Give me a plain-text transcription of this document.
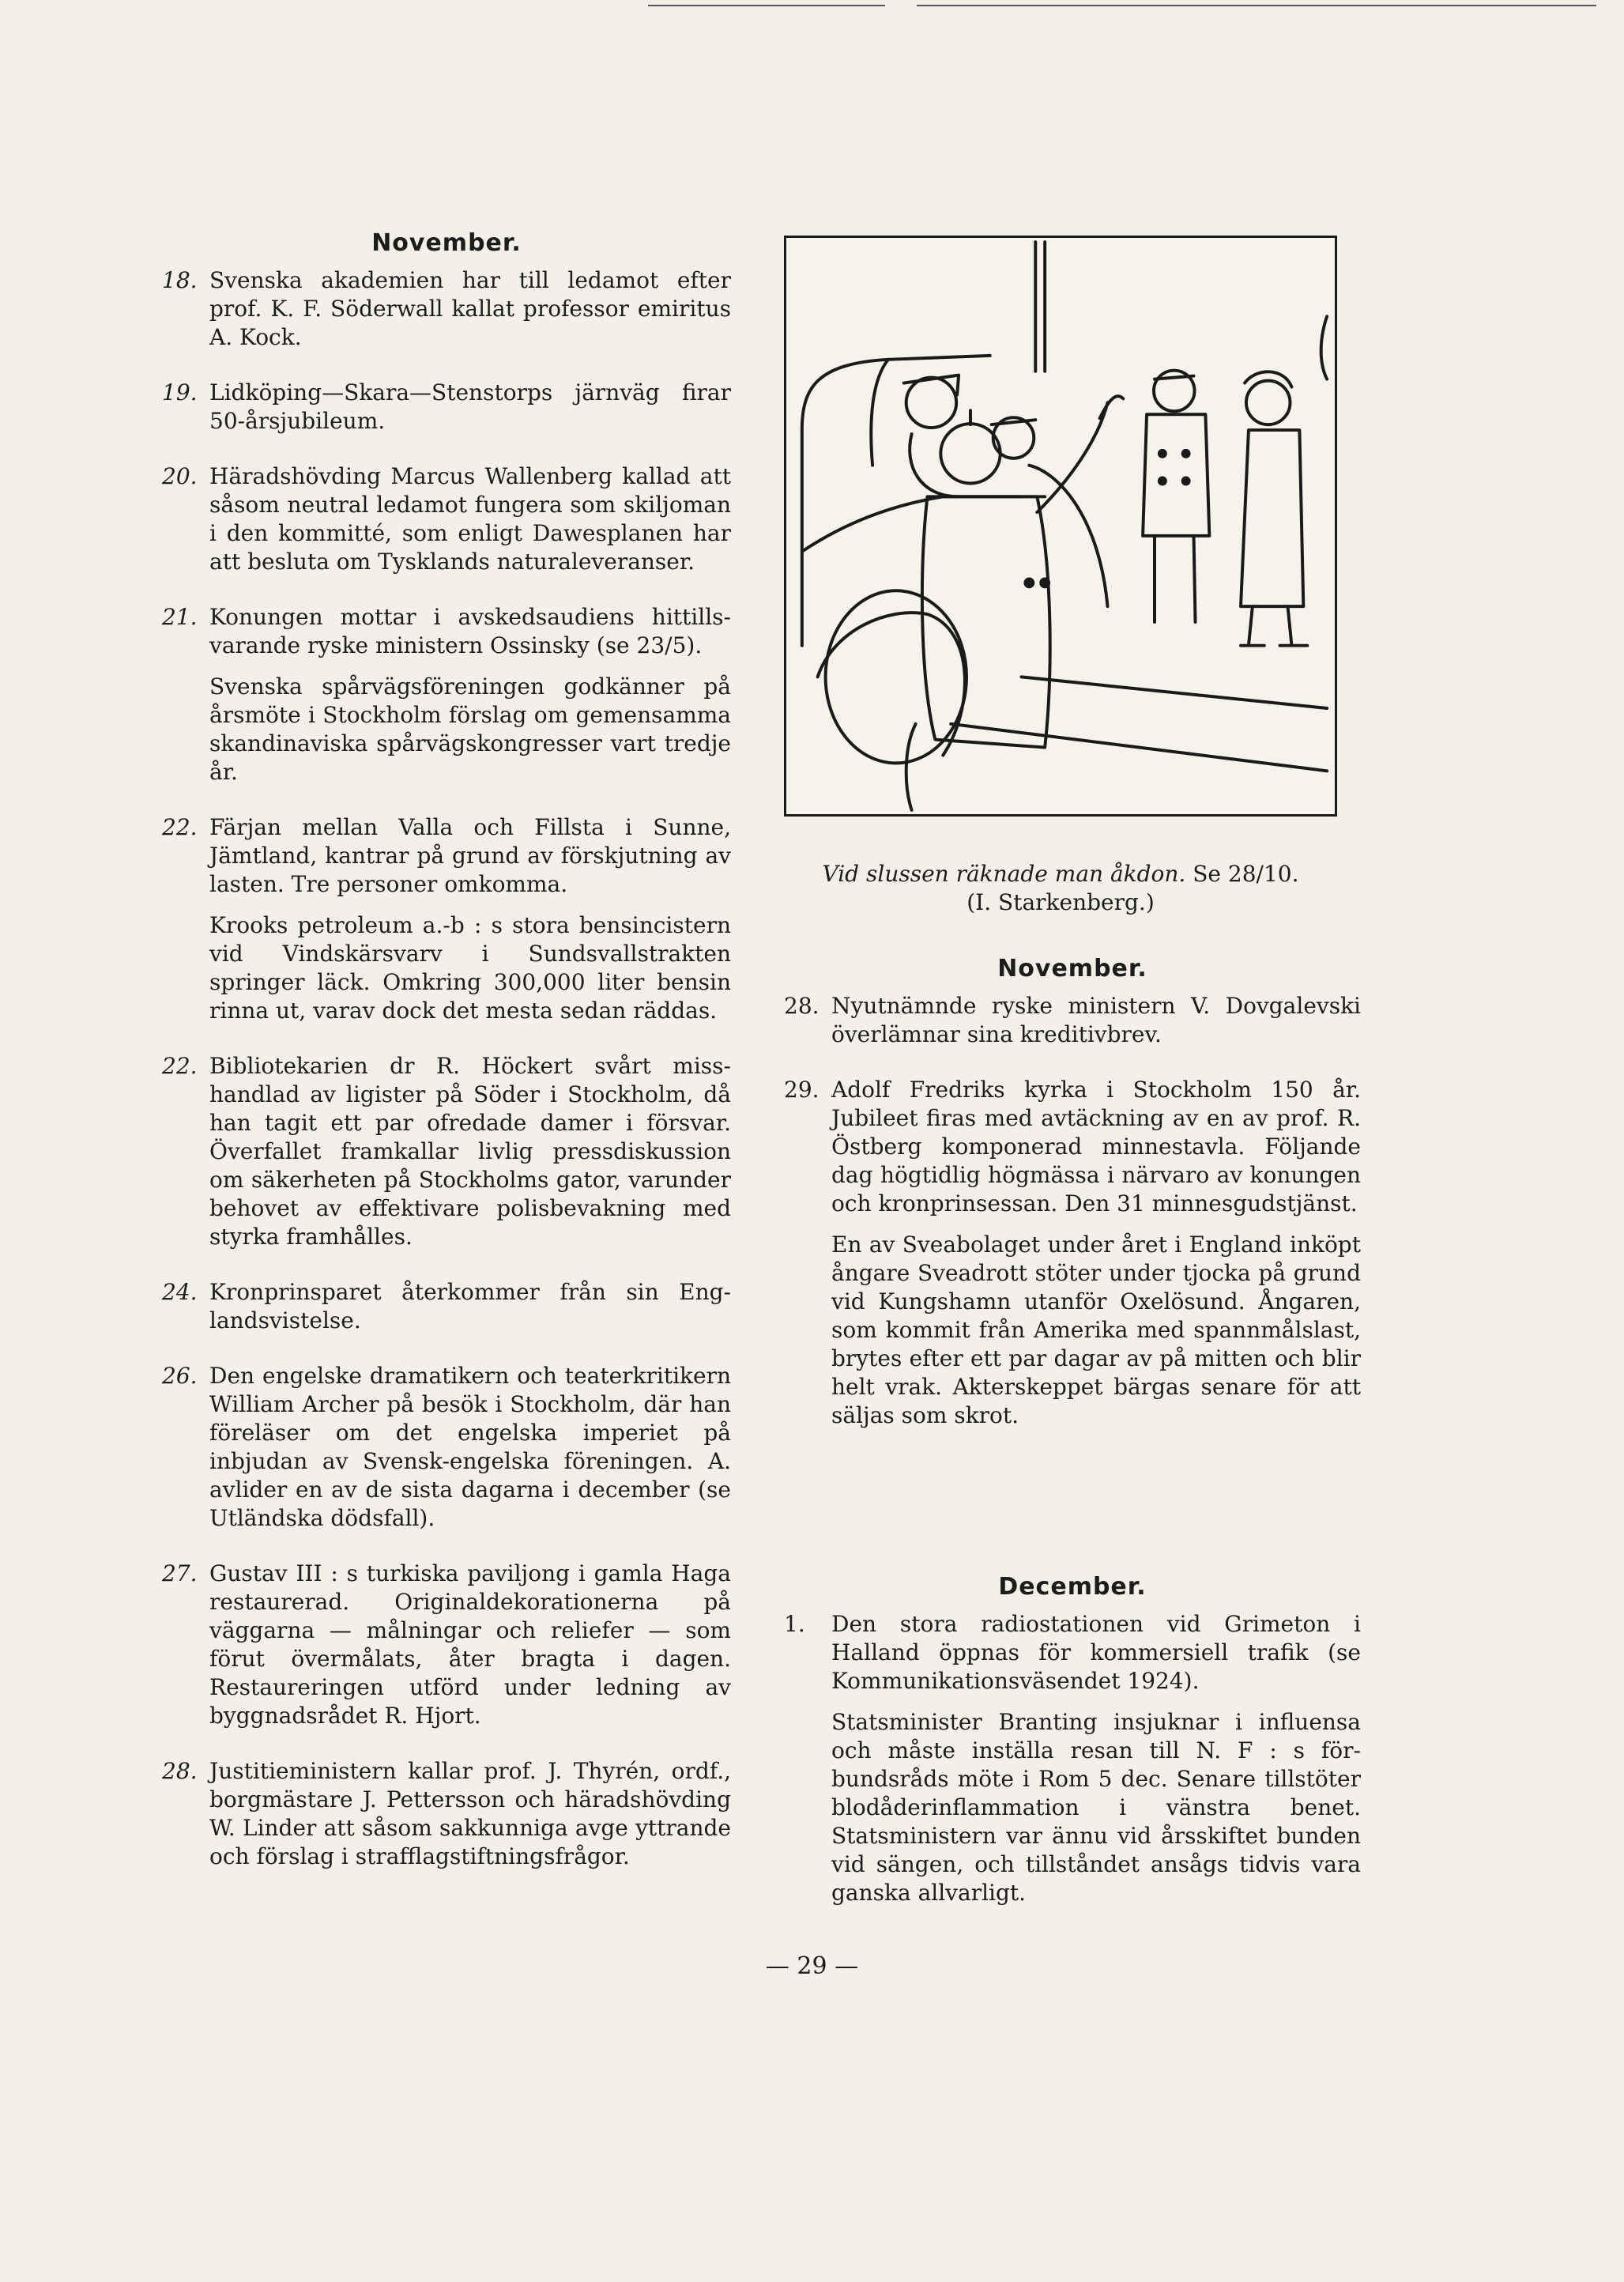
November.
18. Svenska akademien har till ledamot efter prof. K. F. Söderwall kallat professor emiritus A. Kock.

19. Lidköping—Skara—Stenstorps järnväg firar 50-årsjubileum.

20. Häradshövding Marcus Wallenberg kallad att såsom neutral ledamot fungera som skiljoman i den kommitté, som enligt Dawesplanen har att besluta om Tysklands naturaleveranser.

21. Konungen mottar i avskedsaudiens hittillsvarande ryske ministern Ossinsky (se 23/5).

Svenska spårvägsföreningen godkänner på årsmöte i Stockholm förslag om gemensamma skandinaviska spårvägskongresser vart tredje år.

22. Färjan mellan Valla och Fillsta i Sunne, Jämtland, kantrar på grund av förskjutning av lasten. Tre personer omkomma.

Krooks petroleum a.-b : s stora bensincistern vid Vindskärsvarv i Sundsvallstrakten springer läck. Omkring 300,000 liter bensin rinna ut, varav dock det mesta sedan räddas.

22. Bibliotekarien dr R. Höckert svårt misshandlad av ligister på Söder i Stockholm, då han tagit ett par ofredade damer i försvar. Överfallet framkallar livlig pressdiskussion om säkerheten på Stockholms gator, varunder behovet av effektivare polisbevakning med styrka framhålles.

24. Kronprinsparet återkommer från sin Englandsvistelse.

26. Den engelske dramatikern och teaterkritikern William Archer på besök i Stockholm, där han föreläser om det engelska imperiet på inbjudan av Svensk-engelska föreningen. A. avlider en av de sista dagarna i december (se Utländska dödsfall).

27. Gustav III : s turkiska paviljong i gamla Haga restaurerad. Originaldekorationerna på väggarna — målningar och reliefer — som förut övermålats, åter bragta i dagen. Restaureringen utförd under ledning av byggnadsrådet R. Hjort.

28. Justitieministern kallar prof. J. Thyrén, ordf., borgmästare J. Pettersson och häradshövding W. Linder att såsom sakkunniga avge yttrande och förslag i strafflagstiftningsfrågor.

Vid slussen räknade man åkdon. Se 28/10.
(I. Starkenberg.)
November.
28. Nyutnämnde ryske ministern V. Dovgalevski överlämnar sina kreditivbrev.

29. Adolf Fredriks kyrka i Stockholm 150 år. Jubileet firas med avtäckning av en av prof. R. Östberg komponerad minnestavla. Följande dag högtidlig högmässa i närvaro av konungen och kronprinsessan. Den 31 minnesgudstjänst.

En av Sveabolaget under året i England inköpt ångare Sveadrott stöter under tjocka på grund vid Kungshamn utanför Oxelösund. Ångaren, som kommit från Amerika med spannmålslast, brytes efter ett par dagar av på mitten och blir helt vrak. Akterskeppet bärgas senare för att säljas som skrot.

December.
1.	Den stora radiostationen vid Grimeton i Halland öppnas för kommersiell trafik (se Kommunikationsväsendet 1924).

Statsminister Branting insjuknar i influensa och måste inställa resan till N. F : s förbundsråds möte i Rom 5 dec. Senare tillstöter blodåderinflammation i vänstra benet. Statsministern var ännu vid årsskiftet bunden vid sängen, och tillståndet ansågs tidvis vara ganska allvarligt.

— 29 —
